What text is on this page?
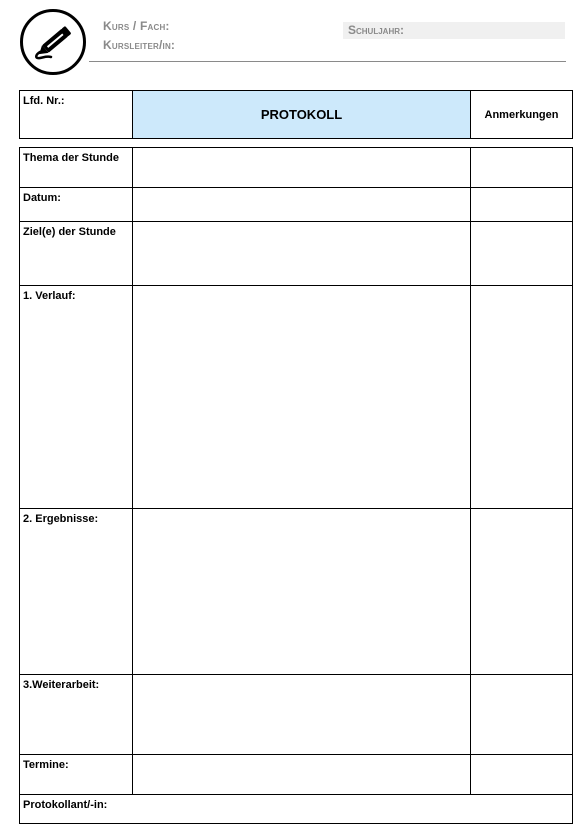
Kurs / Fach:
Kursleiter/in:
Schuljahr:
Lfd. Nr.:	PROTOKOLL	Anmerkungen
Thema der Stunde		
Datum:		
Ziel(e) der Stunde		
1. Verlauf:		
2. Ergebnisse:		
3.Weiterarbeit:		
Termine:		
Protokollant/-in:		
